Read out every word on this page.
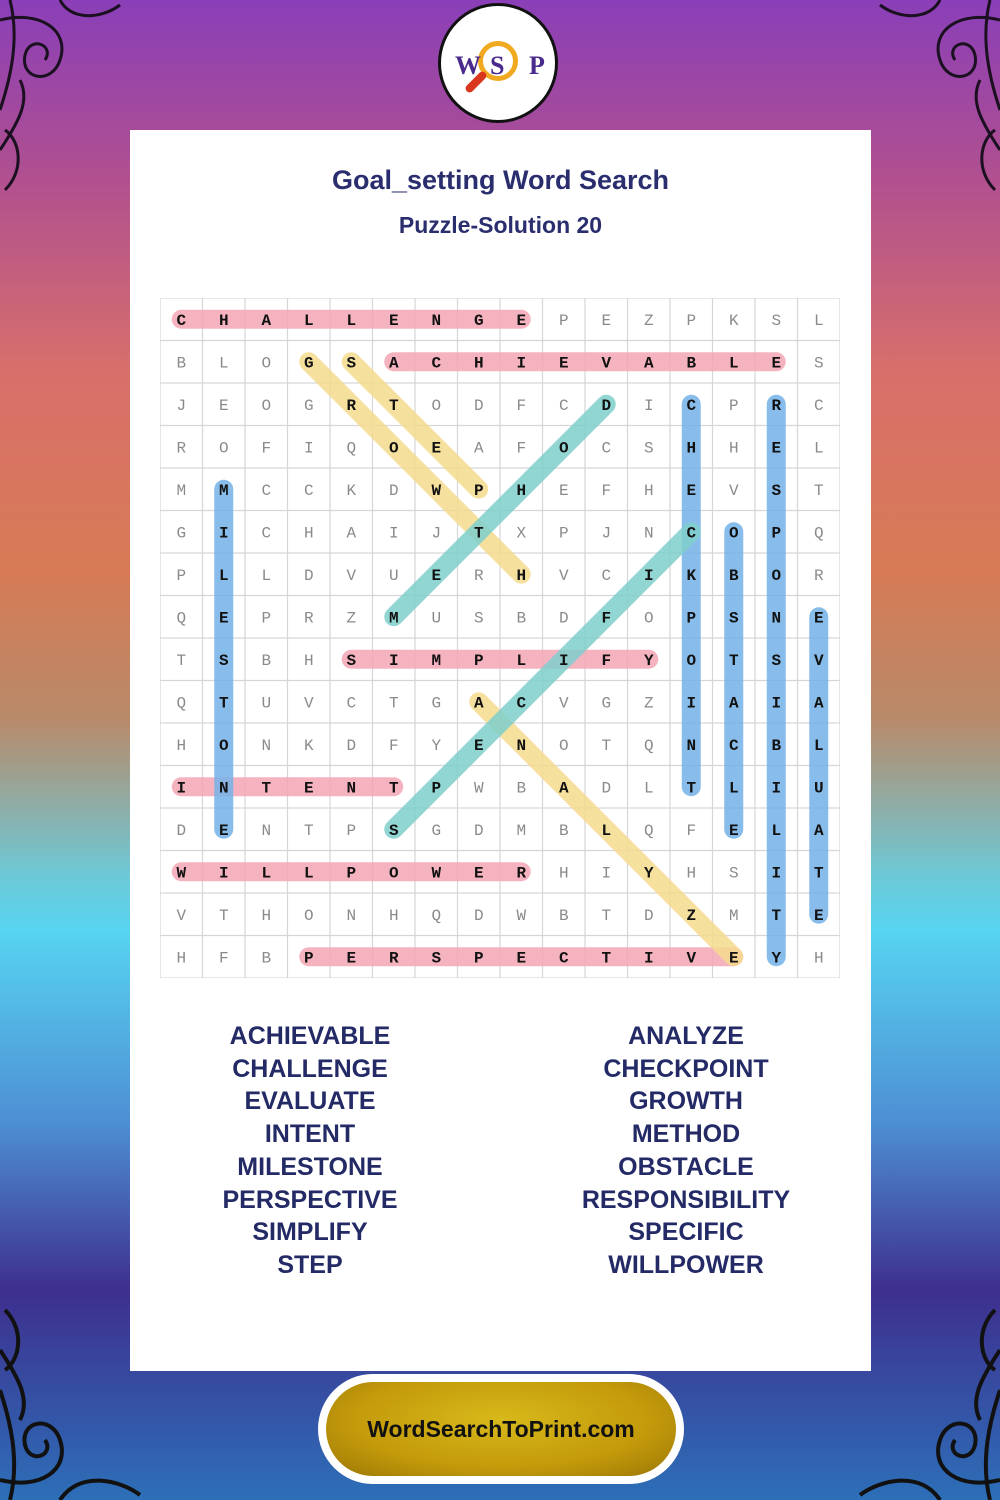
W S P
Goal_setting Word Search
Puzzle-Solution 20
C H A L L E N G E P E Z P K S L
B L O G S A C H I E V A B L E S
J E O G R T O D F C D I C P R C
R O F I Q O E A F O C S H H E L
M M C C K D W P H E F H E V S T
G I C H A I J T X P J N C O P Q
P L L D V U E R H V C I K B O R
Q E P R Z M U S B D F O P S N E
T S B H S I M P L I F Y O T S V
Q T U V C T G A C V G Z I A I A
H O N K D F Y E N O T Q N C B L
I N T E N T P W B A D L T L I U
D E N T P S G D M B L Q F E L A
W I L L P O W E R H I Y H S I T
V T H O N H Q D W B T D Z M T E
H F B P E R S P E C T I V E Y H
ACHIEVABLE
CHALLENGE
EVALUATE
INTENT
MILESTONE
PERSPECTIVE
SIMPLIFY
STEP
ANALYZE
CHECKPOINT
GROWTH
METHOD
OBSTACLE
RESPONSIBILITY
SPECIFIC
WILLPOWER
WordSearchToPrint.com
